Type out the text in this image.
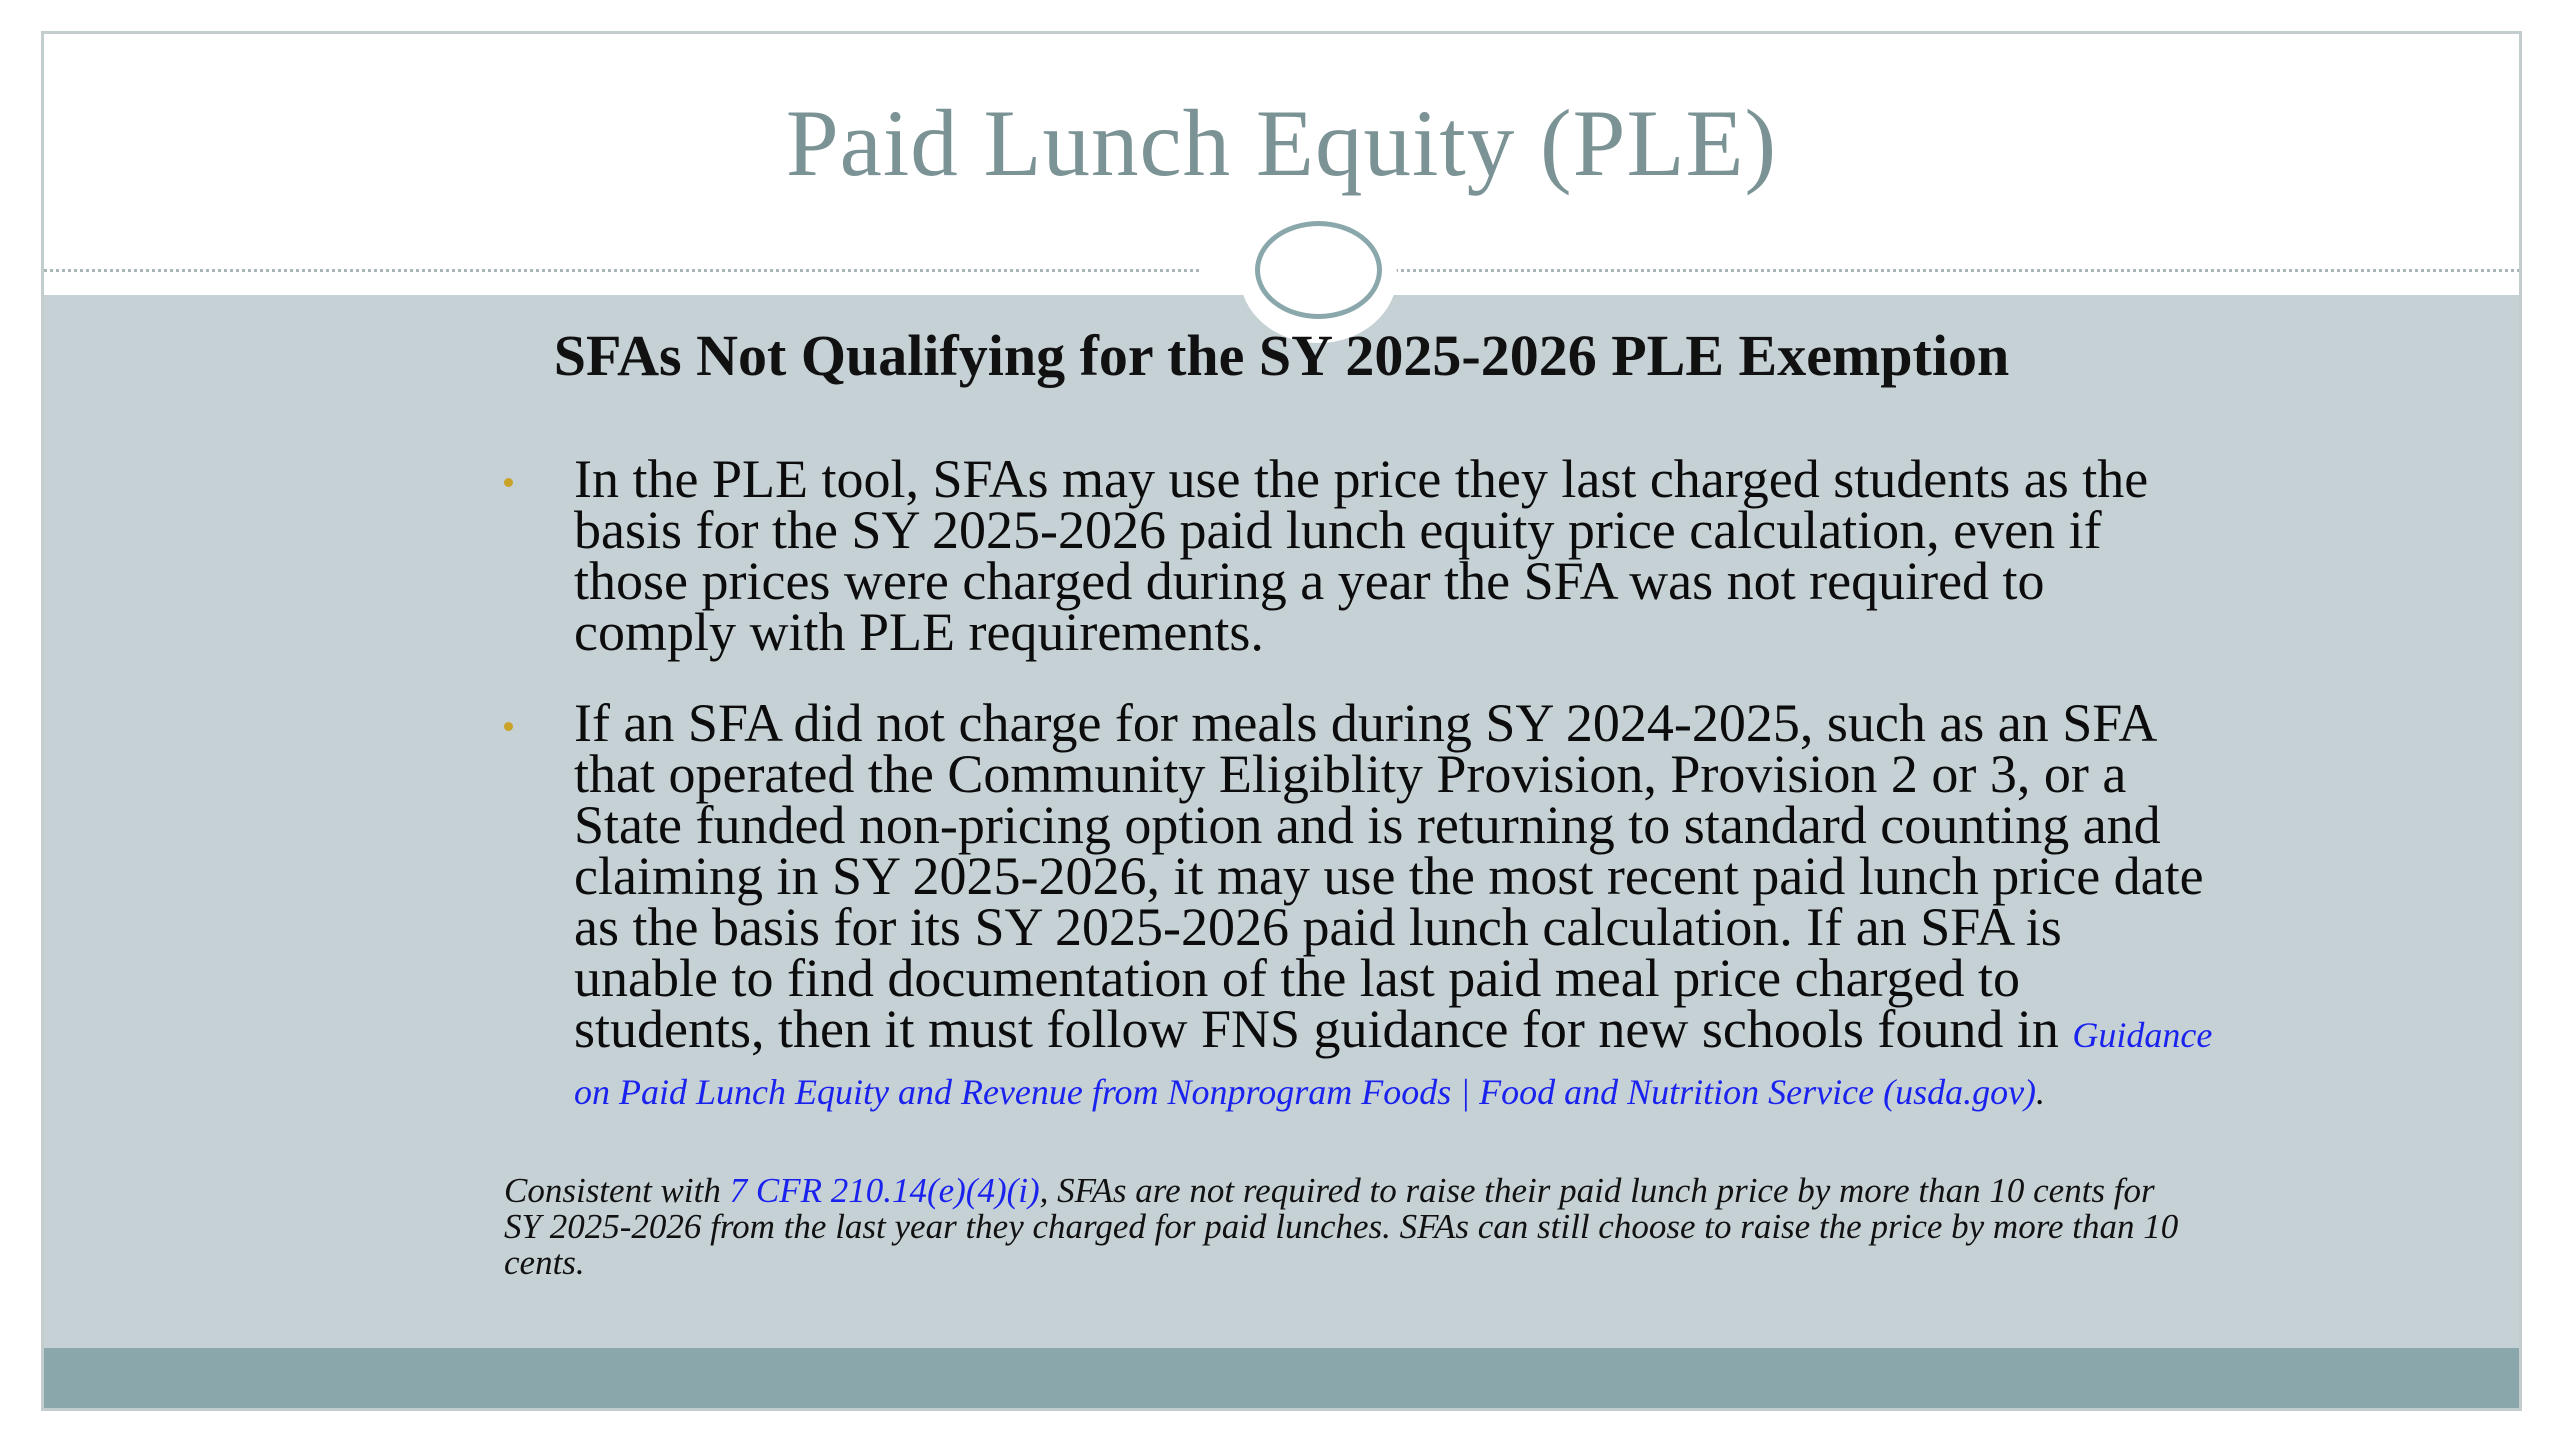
Paid Lunch Equity (PLE)
SFAs Not Qualifying for the SY 2025-2026 PLE Exemption
In the PLE tool, SFAs may use the price they last charged students as the basis for the SY 2025-2026 paid lunch equity price calculation, even if those prices were charged during a year the SFA was not required to comply with PLE requirements.
If an SFA did not charge for meals during SY 2024-2025, such as an SFA that operated the Community Eligiblity Provision, Provision 2 or 3, or a State funded non-pricing option and is returning to standard counting and claiming in SY 2025-2026, it may use the most recent paid lunch price date as the basis for its SY 2025-2026 paid lunch calculation. If an SFA is unable to find documentation of the last paid meal price charged to students, then it must follow FNS guidance for new schools found in Guidance on Paid Lunch Equity and Revenue from Nonprogram Foods | Food and Nutrition Service (usda.gov).
Consistent with 7 CFR 210.14(e)(4)(i), SFAs are not required to raise their paid lunch price by more than 10 cents for SY 2025-2026 from the last year they charged for paid lunches. SFAs can still choose to raise the price by more than 10 cents.
